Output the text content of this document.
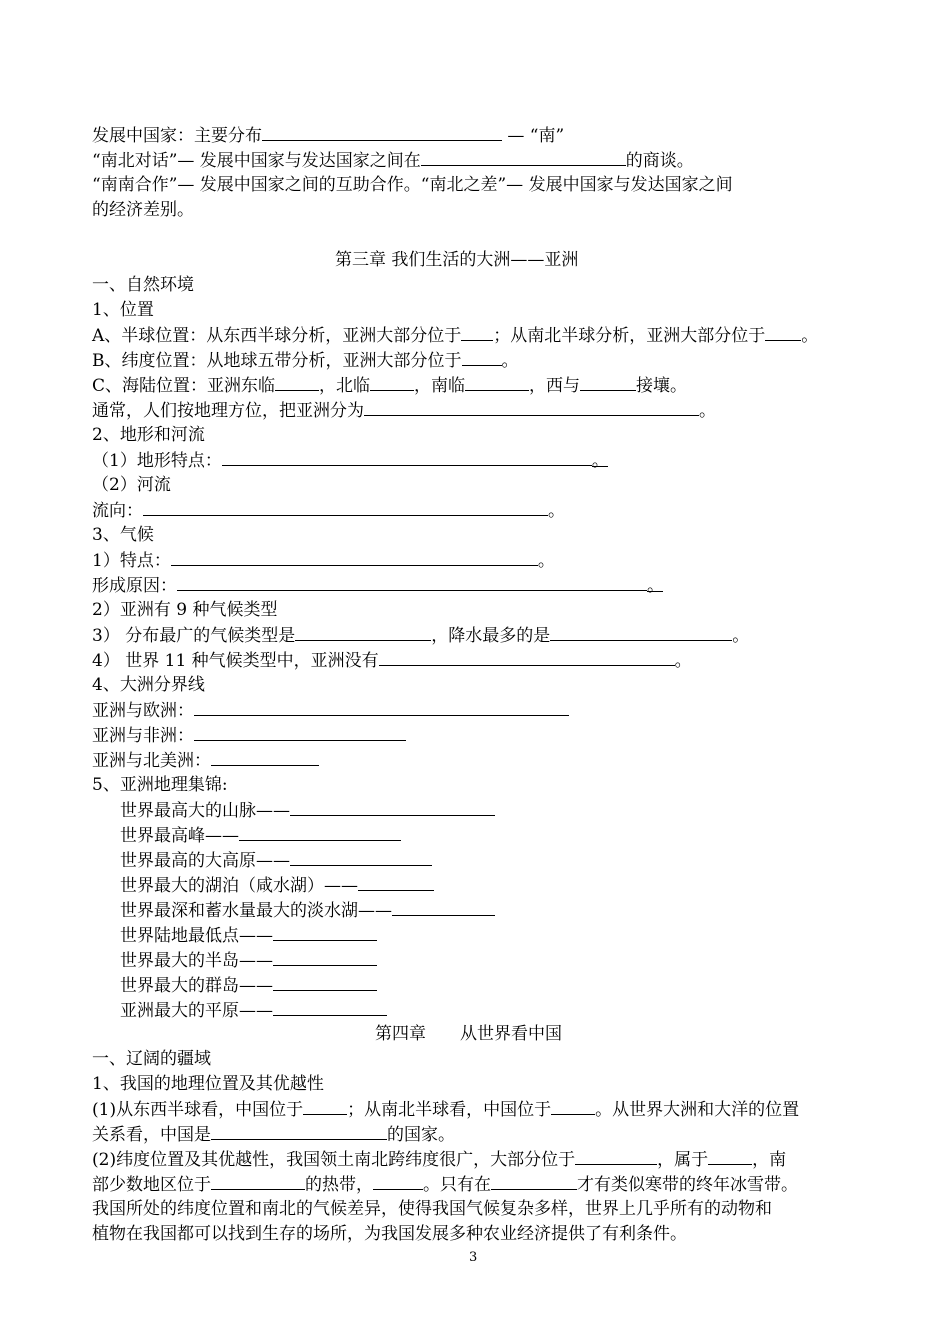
发展中国家：主要分布	— “南”
“南北对话”— 发展中国家与发达国家之间在	的商谈。
“南南合作”— 发展中国家之间的互助合作。“南北之差”— 发展中国家与发达国家之间
的经济差别。
第三章 我们生活的大洲——亚洲
一、自然环境
1、位置
A、半球位置：从东西半球分析，亚洲大部分位于 ；从南北半球分析，亚洲大部分位于 。
B、纬度位置：从地球五带分析，亚洲大部分位于 。
C、海陆位置：亚洲东临	，北临	，南临	，西与	接壤。
通常，人们按地理方位，把亚洲分为	。
2、地形和河流
（1）地形特点：	。
（2）河流
流向：	。
3、气候
1）特点：	。
形成原因：	。
2）亚洲有 9 种气候类型
3） 分布最广的气候类型是	，降水最多的是	。
4） 世界 11 种气候类型中，亚洲没有	。
4、大洲分界线
亚洲与欧洲：
亚洲与非洲：
亚洲与北美洲：
5、亚洲地理集锦:
世界最高大的山脉——
世界最高峰——
世界最高的大高原——
世界最大的湖泊（咸水湖）——
世界最深和蓄水量最大的淡水湖——
世界陆地最低点——
世界最大的半岛——
世界最大的群岛——
亚洲最大的平原——
第四章　　从世界看中国
一、辽阔的疆域
1、我国的地理位置及其优越性
(1)从东西半球看，中国位于	；从南北半球看，中国位于	。从世界大洲和大洋的位置
关系看，中国是	的国家。
(2)纬度位置及其优越性，我国领土南北跨纬度很广，大部分位于	，属于	，南
部少数地区位于	的热带，	。只有在	才有类似寒带的终年冰雪带。
我国所处的纬度位置和南北的气候差异，使得我国气候复杂多样，世界上几乎所有的动物和
植物在我国都可以找到生存的场所，为我国发展多种农业经济提供了有利条件。
3
